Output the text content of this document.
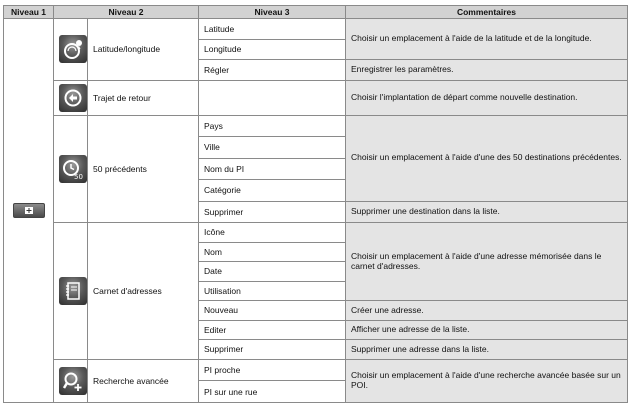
Niveau 1	Niveau 2		Niveau 3	Commentaires

	Latitude/longitude	Latitude	Choisir un emplacement à l'aide de la latitude et de la longitude.
			Longitude	
			Régler	Enregistrer les paramètres.

	Trajet de retour		Choisir l'implantation de départ comme nouvelle destination.

50	50 précédents	Pays	Choisir un emplacement à l'aide d'une des 50 destinations précédentes.
			Ville	
			Nom du PI	
			Catégorie	
			Supprimer	Supprimer une destination dans la liste.

	Carnet d'adresses	Icône	Choisir un emplacement à l'aide d'une adresse mémorisée dans le carnet d'adresses.
			Nom	
			Date	
			Utilisation	
			Nouveau	Créer une adresse.
			Editer	Afficher une adresse de la liste.
			Supprimer	Supprimer une adresse dans la liste.

	Recherche avancée	PI proche	Choisir un emplacement à l'aide d'une recherche avancée basée sur un POI.
			PI sur une rue	
